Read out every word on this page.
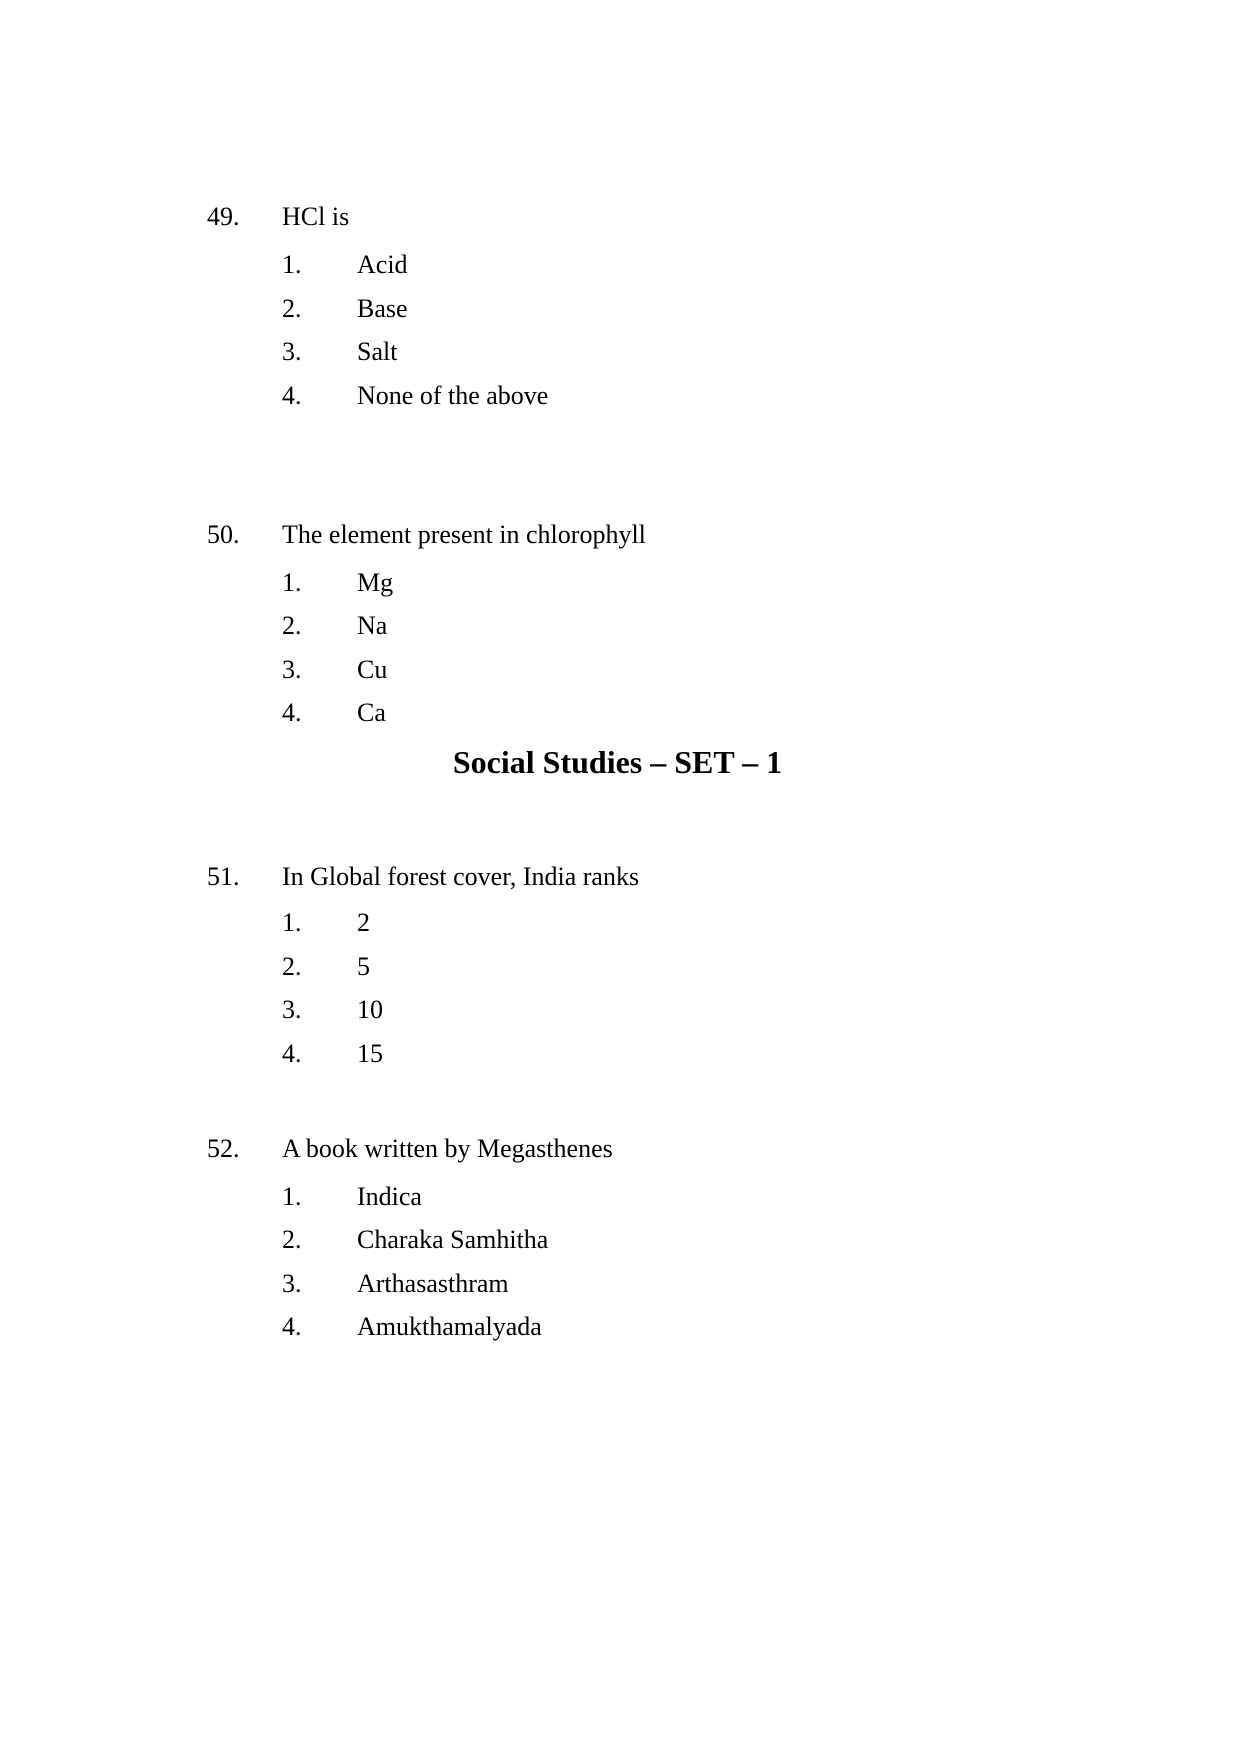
49. HCl is
1. Acid
2. Base
3. Salt
4. None of the above
50. The element present in chlorophyll
1. Mg
2. Na
3. Cu
4. Ca
Social Studies – SET – 1
51. In Global forest cover, India ranks
1. 2
2. 5
3. 10
4. 15
52. A book written by Megasthenes
1. Indica
2. Charaka Samhitha
3. Arthasasthram
4. Amukthamalyada
